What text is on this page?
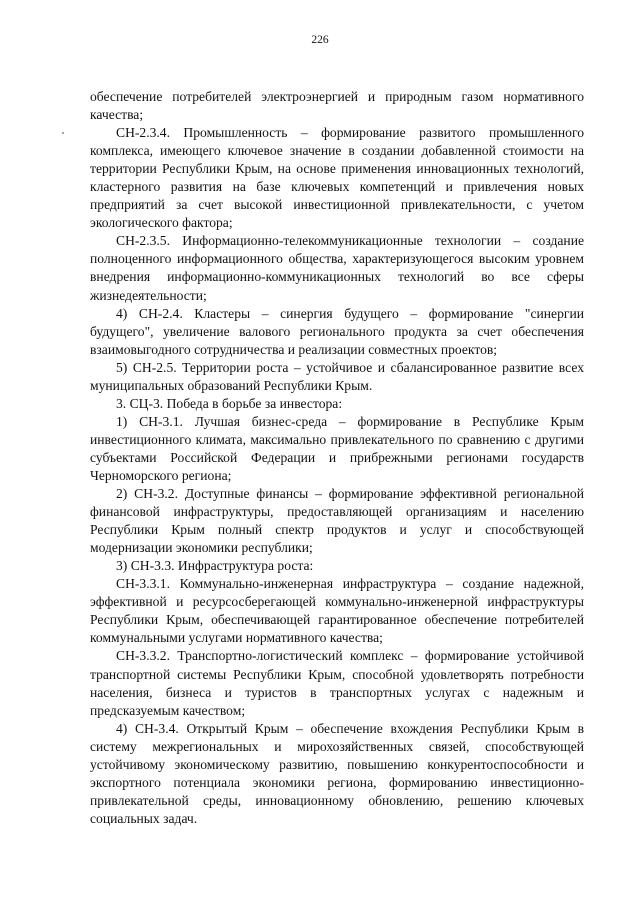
226

обеспечение потребителей электроэнергией и природным газом нормативного качества;

СН-2.3.4. Промышленность – формирование развитого промышленного комплекса, имеющего ключевое значение в создании добавленной стоимости на территории Республики Крым, на основе применения инновационных технологий, кластерного развития на базе ключевых компетенций и привлечения новых предприятий за счет высокой инвестиционной привлекательности, с учетом экологического фактора;

СН-2.3.5. Информационно-телекоммуникационные технологии – создание полноценного информационного общества, характеризующегося высоким уровнем внедрения информационно-коммуникационных технологий во все сферы жизнедеятельности;

4) СН-2.4. Кластеры – синергия будущего – формирование "синергии будущего", увеличение валового регионального продукта за счет обеспечения взаимовыгодного сотрудничества и реализации совместных проектов;

5) СН-2.5. Территории роста – устойчивое и сбалансированное развитие всех муниципальных образований Республики Крым.

3. СЦ-3. Победа в борьбе за инвестора:

1) СН-3.1. Лучшая бизнес-среда – формирование в Республике Крым инвестиционного климата, максимально привлекательного по сравнению с другими субъектами Российской Федерации и прибрежными регионами государств Черноморского региона;

2) СН-3.2. Доступные финансы – формирование эффективной региональной финансовой инфраструктуры, предоставляющей организациям и населению Республики Крым полный спектр продуктов и услуг и способствующей модернизации экономики республики;

3) СН-3.3. Инфраструктура роста:

СН-3.3.1. Коммунально-инженерная инфраструктура – создание надежной, эффективной и ресурсосберегающей коммунально-инженерной инфраструктуры Республики Крым, обеспечивающей гарантированное обеспечение потребителей коммунальными услугами нормативного качества;

СН-3.3.2. Транспортно-логистический комплекс – формирование устойчивой транспортной системы Республики Крым, способной удовлетворять потребности населения, бизнеса и туристов в транспортных услугах с надежным и предсказуемым качеством;

4) СН-3.4. Открытый Крым – обеспечение вхождения Республики Крым в систему межрегиональных и мирохозяйственных связей, способствующей устойчивому экономическому развитию, повышению конкурентоспособности и экспортного потенциала экономики региона, формированию инвестиционно-привлекательной среды, инновационному обновлению, решению ключевых социальных задач.
